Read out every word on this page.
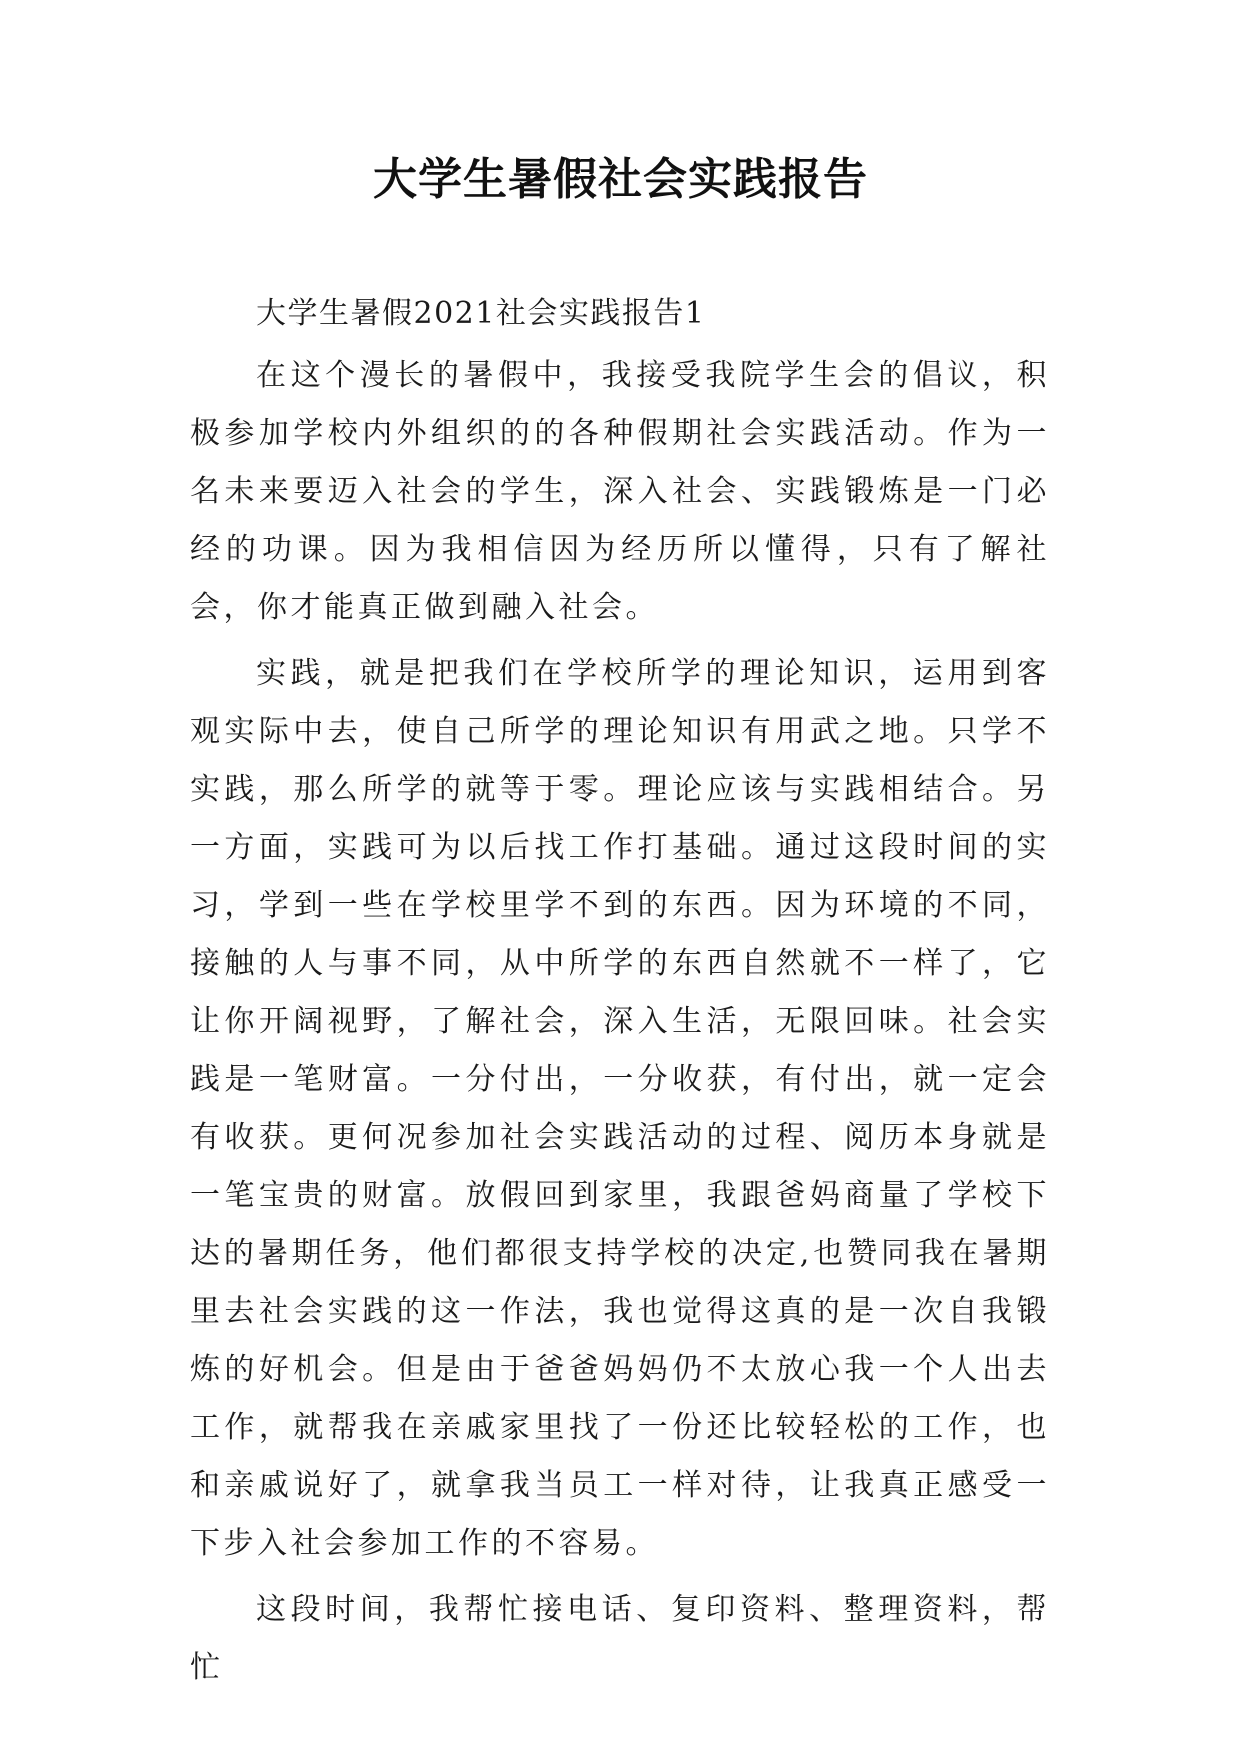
大学生暑假社会实践报告

大学生暑假2021社会实践报告1

在这个漫长的暑假中，我接受我院学生会的倡议，积极参加学校内外组织的的各种假期社会实践活动。作为一名未来要迈入社会的学生，深入社会、实践锻炼是一门必经的功课。因为我相信因为经历所以懂得，只有了解社会，你才能真正做到融入社会。

实践，就是把我们在学校所学的理论知识，运用到客观实际中去，使自己所学的理论知识有用武之地。只学不实践，那么所学的就等于零。理论应该与实践相结合。另一方面，实践可为以后找工作打基础。通过这段时间的实习，学到一些在学校里学不到的东西。因为环境的不同，接触的人与事不同，从中所学的东西自然就不一样了，它让你开阔视野，了解社会，深入生活，无限回味。社会实践是一笔财富。一分付出，一分收获，有付出，就一定会有收获。更何况参加社会实践活动的过程、阅历本身就是一笔宝贵的财富。放假回到家里，我跟爸妈商量了学校下达的暑期任务，他们都很支持学校的决定,也赞同我在暑期里去社会实践的这一作法，我也觉得这真的是一次自我锻炼的好机会。但是由于爸爸妈妈仍不太放心我一个人出去工作，就帮我在亲戚家里找了一份还比较轻松的工作，也和亲戚说好了，就拿我当员工一样对待，让我真正感受一下步入社会参加工作的不容易。

这段时间，我帮忙接电话、复印资料、整理资料，帮忙
